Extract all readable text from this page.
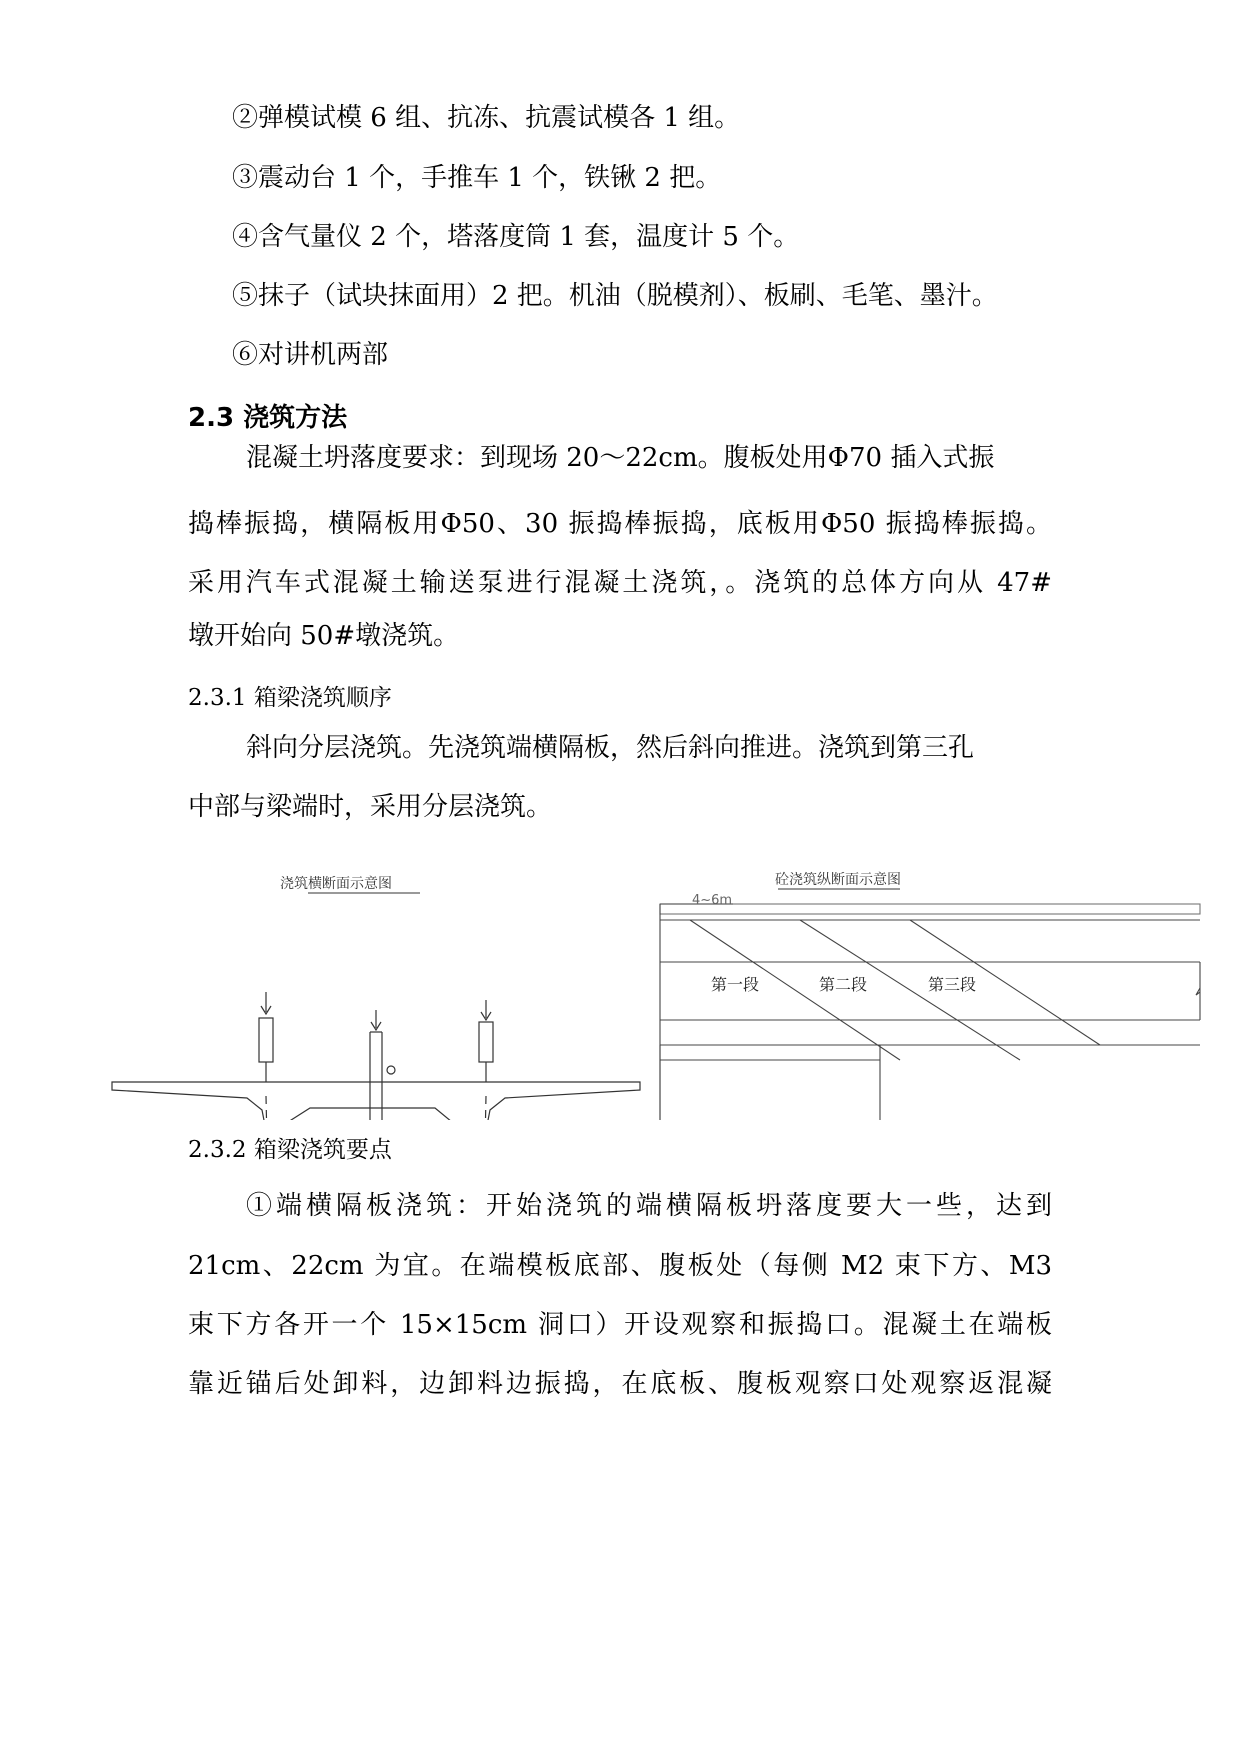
②弹模试模 6 组、抗冻、抗震试模各 1 组。
③震动台 1 个，手推车 1 个，铁锹 2 把。
④含气量仪 2 个，塔落度筒 1 套，温度计 5 个。
⑤抹子（试块抹面用）2 把。机油（脱模剂）、板刷、毛笔、墨汁。
⑥对讲机两部
2.3 浇筑方法
混凝土坍落度要求：到现场 20～22cm。腹板处用Φ70 插入式振
捣棒振捣，横隔板用Φ50、30 振捣棒振捣，底板用Φ50 振捣棒振捣。
采用汽车式混凝土输送泵进行混凝土浇筑，。浇筑的总体方向从 47#
墩开始向 50#墩浇筑。
2.3.1 箱梁浇筑顺序
斜向分层浇筑。先浇筑端横隔板，然后斜向推进。浇筑到第三孔
中部与梁端时，采用分层浇筑。
浇筑横断面示意图	砼浇筑纵断面示意图
4~6m
第一段	第二段	第三段
2.3.2 箱梁浇筑要点
①端横隔板浇筑：开始浇筑的端横隔板坍落度要大一些，达到
21cm、22cm 为宜。在端模板底部、腹板处（每侧 M2 束下方、M3
束下方各开一个 15×15cm 洞口）开设观察和振捣口。混凝土在端板
靠近锚后处卸料，边卸料边振捣，在底板、腹板观察口处观察返混凝
